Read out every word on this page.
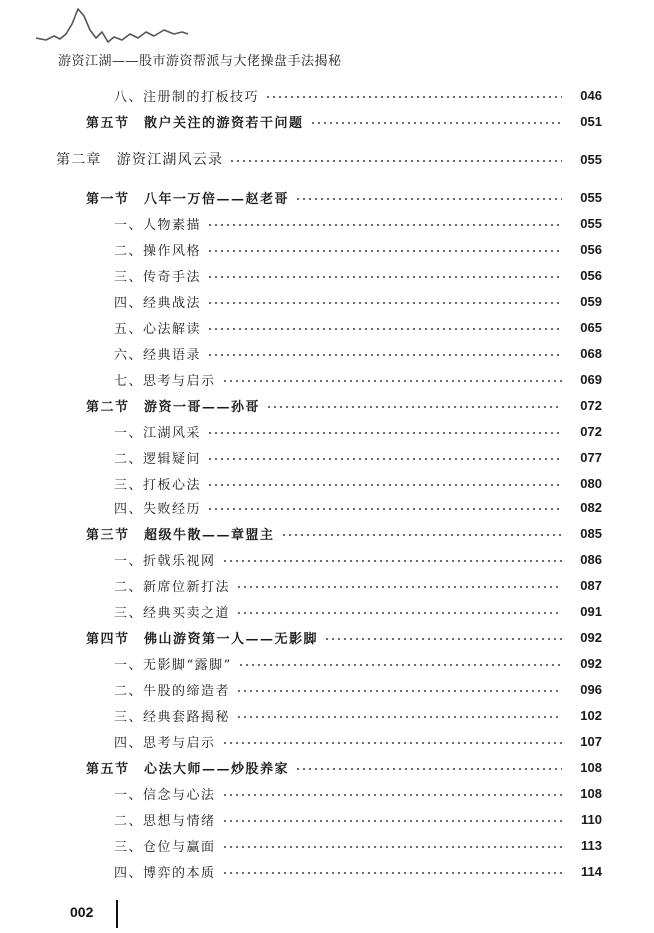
游资江湖——股市游资帮派与大佬操盘手法揭秘
八、注册制的打板技巧	046
第五节　散户关注的游资若干问题	051
第二章　游资江湖风云录	055
第一节　八年一万倍——赵老哥	055
一、人物素描	055
二、操作风格	056
三、传奇手法	056
四、经典战法	059
五、心法解读	065
六、经典语录	068
七、思考与启示	069
第二节　游资一哥——孙哥	072
一、江湖风采	072
二、逻辑疑问	077
三、打板心法	080
四、失败经历	082
第三节　超级牛散——章盟主	085
一、折戟乐视网	086
二、新席位新打法	087
三、经典买卖之道	091
第四节　佛山游资第一人——无影脚	092
一、无影脚“露脚”	092
二、牛股的缔造者	096
三、经典套路揭秘	102
四、思考与启示	107
第五节　心法大师——炒股养家	108
一、信念与心法	108
二、思想与情绪	110
三、仓位与赢面	113
四、博弈的本质	114
002
